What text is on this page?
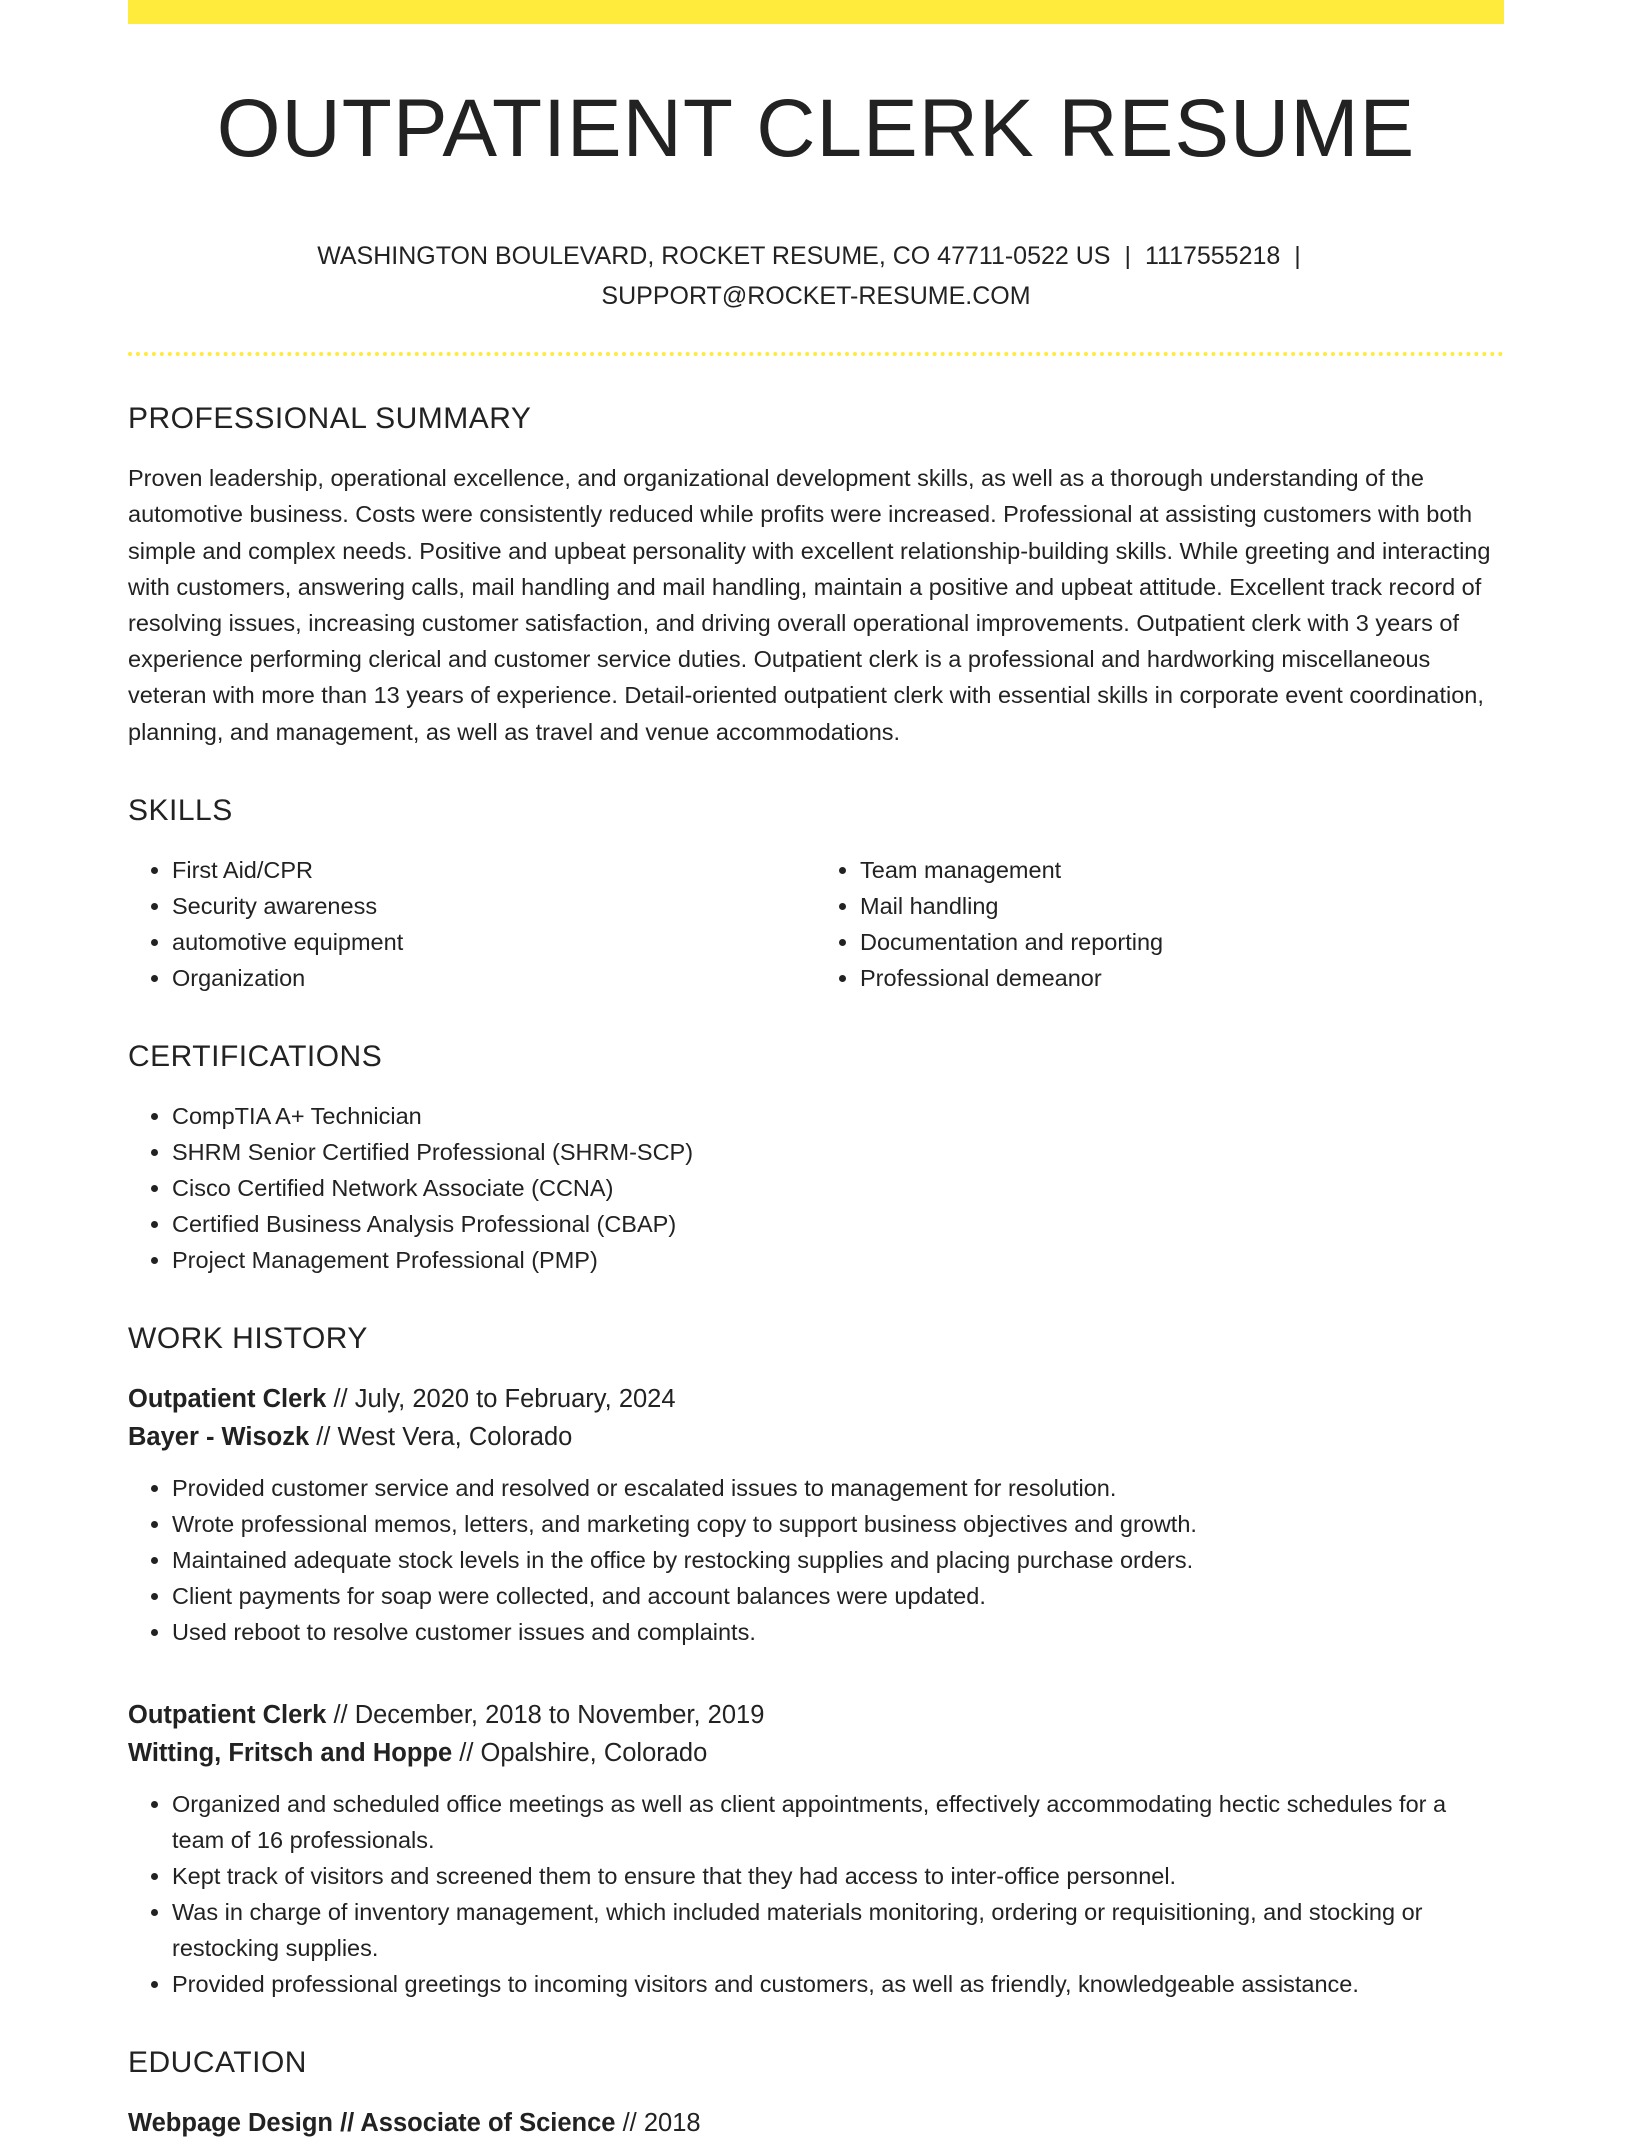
OUTPATIENT CLERK RESUME
WASHINGTON BOULEVARD, ROCKET RESUME, CO 47711-0522 US | 1117555218 |
SUPPORT@ROCKET-RESUME.COM
PROFESSIONAL SUMMARY

Proven leadership, operational excellence, and organizational development skills, as well as a thorough understanding of the automotive business. Costs were consistently reduced while profits were increased. Professional at assisting customers with both simple and complex needs. Positive and upbeat personality with excellent relationship-building skills. While greeting and interacting with customers, answering calls, mail handling and mail handling, maintain a positive and upbeat attitude. Excellent track record of resolving issues, increasing customer satisfaction, and driving overall operational improvements. Outpatient clerk with 3 years of experience performing clerical and customer service duties. Outpatient clerk is a professional and hardworking miscellaneous veteran with more than 13 years of experience. Detail-oriented outpatient clerk with essential skills in corporate event coordination, planning, and management, as well as travel and venue accommodations.

SKILLS
• First Aid/CPR
• Security awareness
• automotive equipment
• Organization
• Team management
• Mail handling
• Documentation and reporting
• Professional demeanor
CERTIFICATIONS
• CompTIA A+ Technician
• SHRM Senior Certified Professional (SHRM-SCP)
• Cisco Certified Network Associate (CCNA)
• Certified Business Analysis Professional (CBAP)
• Project Management Professional (PMP)
WORK HISTORY
Outpatient Clerk // July, 2020 to February, 2024
Bayer - Wisozk // West Vera, Colorado
• Provided customer service and resolved or escalated issues to management for resolution.
• Wrote professional memos, letters, and marketing copy to support business objectives and growth.
• Maintained adequate stock levels in the office by restocking supplies and placing purchase orders.
• Client payments for soap were collected, and account balances were updated.
• Used reboot to resolve customer issues and complaints.
Outpatient Clerk // December, 2018 to November, 2019
Witting, Fritsch and Hoppe // Opalshire, Colorado
• Organized and scheduled office meetings as well as client appointments, effectively accommodating hectic schedules for a team of 16 professionals.
• Kept track of visitors and screened them to ensure that they had access to inter-office personnel.
• Was in charge of inventory management, which included materials monitoring, ordering or requisitioning, and stocking or restocking supplies.
• Provided professional greetings to incoming visitors and customers, as well as friendly, knowledgeable assistance.
EDUCATION
Webpage Design // Associate of Science // 2018
